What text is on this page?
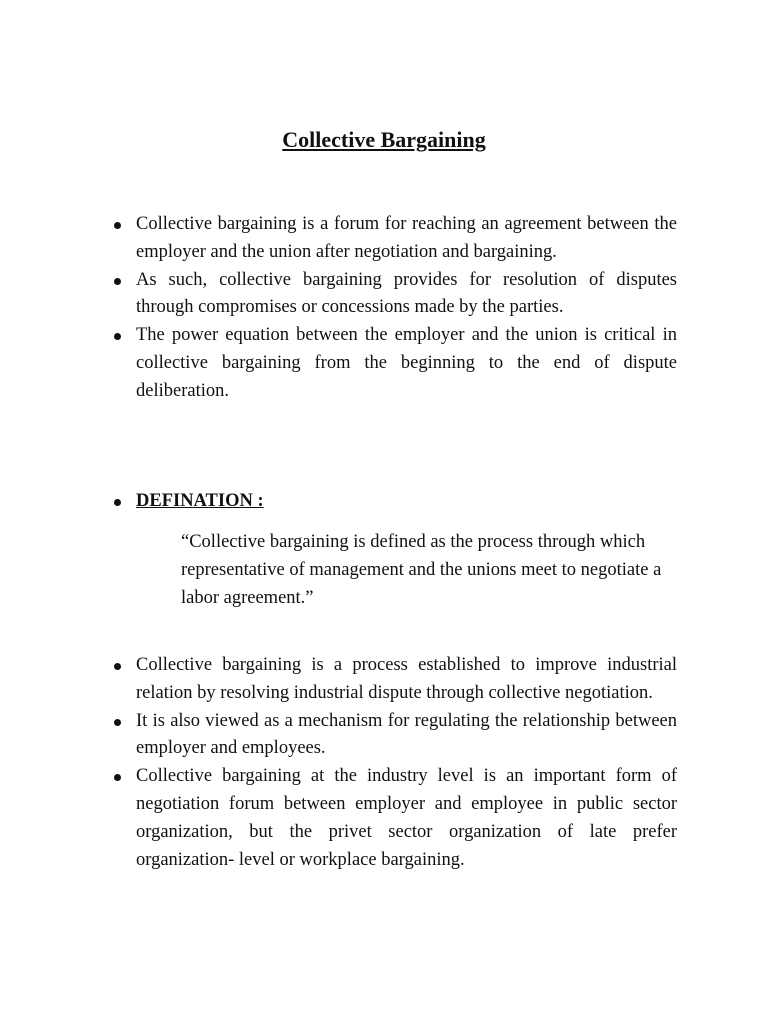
Collective Bargaining
Collective bargaining is a forum for reaching an agreement between the employer and the union after negotiation and bargaining.
As such, collective bargaining provides for resolution of disputes through compromises or concessions made by the parties.
The power equation between the employer and the union is critical in collective bargaining from the beginning to the end of dispute deliberation.
DEFINATION :

“Collective bargaining is defined as the process through which representative of management and the unions meet to negotiate a labor agreement.”

Collective bargaining is a process established to improve industrial relation by resolving industrial dispute through collective negotiation.
It is also viewed as a mechanism for regulating the relationship between employer and employees.
Collective bargaining at the industry level is an important form of negotiation forum between employer and employee in public sector organization, but the privet sector organization of late prefer organization- level or workplace bargaining.
